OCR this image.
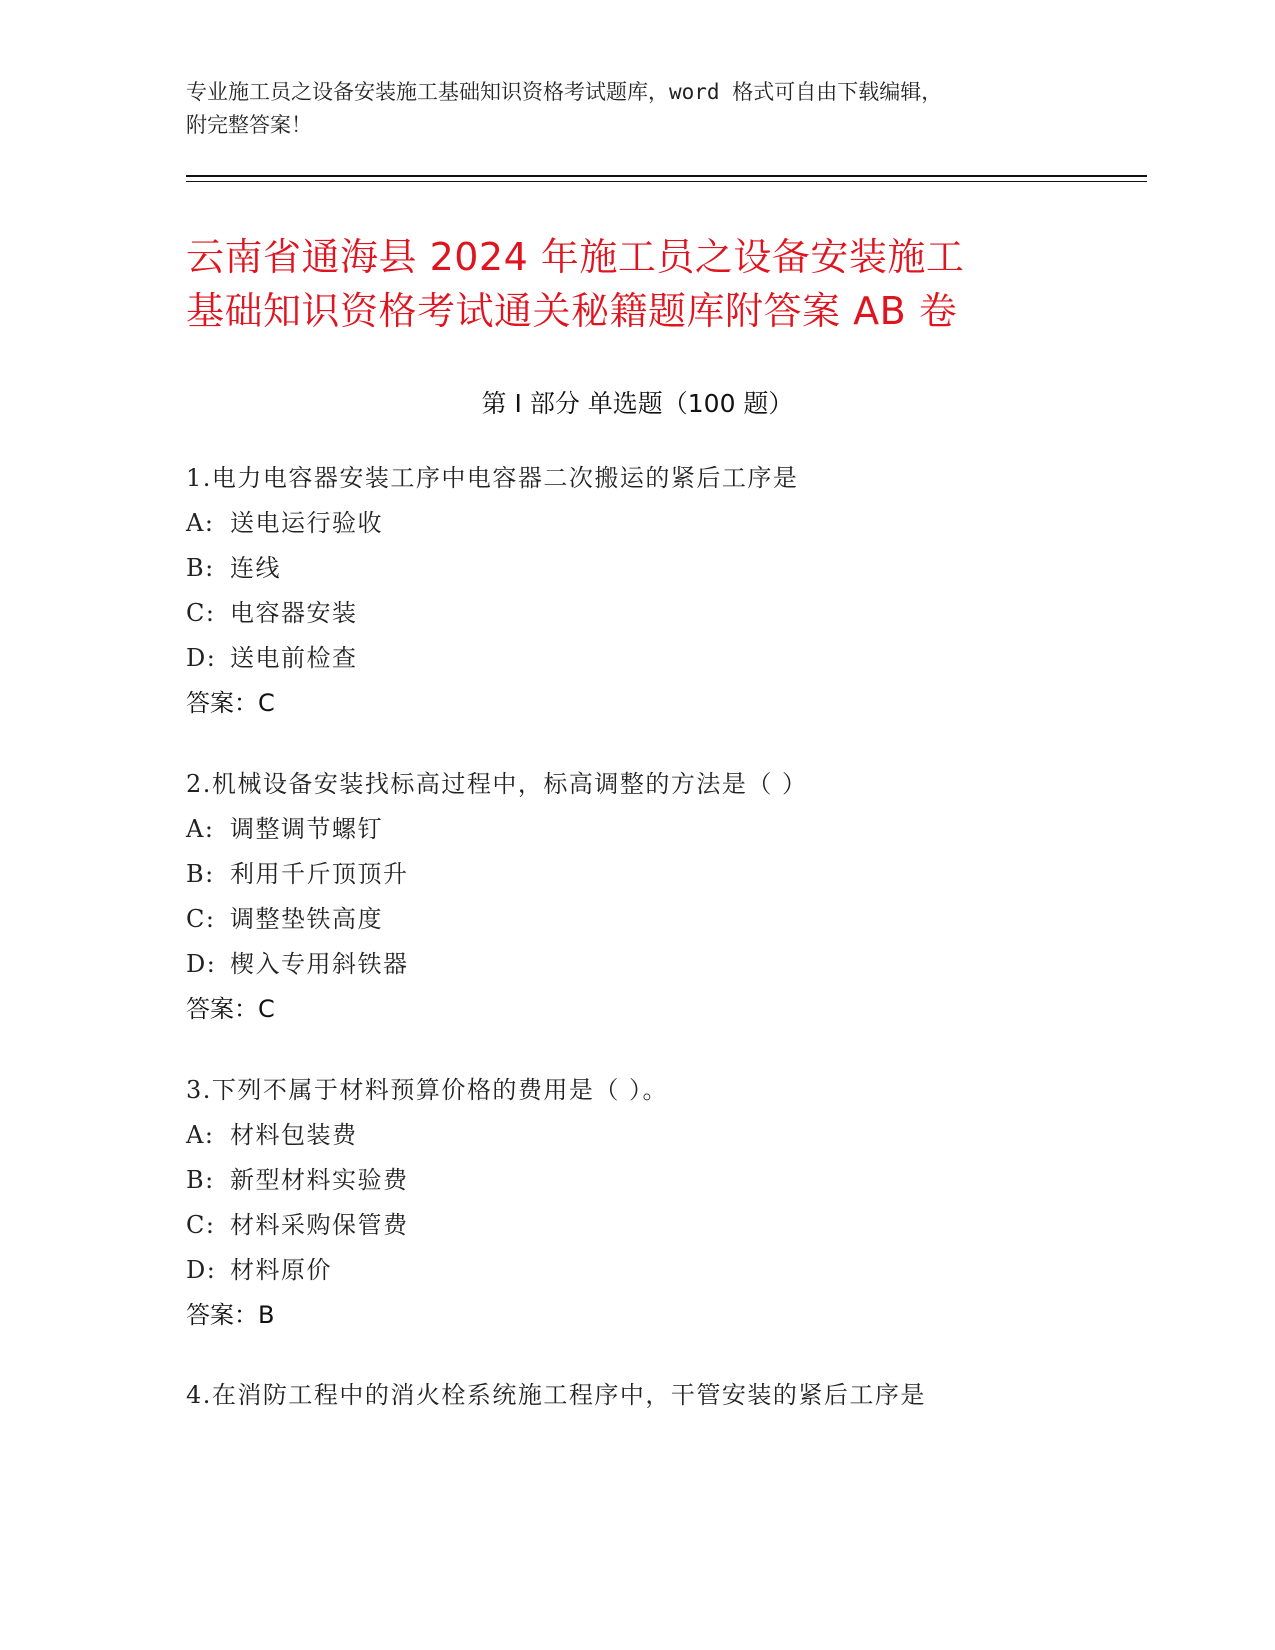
专业施工员之设备安装施工基础知识资格考试题库，word 格式可自由下载编辑，
附完整答案！
云南省通海县 2024 年施工员之设备安装施工
基础知识资格考试通关秘籍题库附答案 AB 卷
第 I 部分 单选题（100 题）
1.电力电容器安装工序中电容器二次搬运的紧后工序是
A: 送电运行验收
B: 连线
C: 电容器安装
D: 送电前检查
答案：C
2.机械设备安装找标高过程中，标高调整的方法是（ ）
A: 调整调节螺钉
B: 利用千斤顶顶升
C: 调整垫铁高度
D: 楔入专用斜铁器
答案：C
3.下列不属于材料预算价格的费用是（ ）。
A: 材料包装费
B: 新型材料实验费
C: 材料采购保管费
D: 材料原价
答案：B
4.在消防工程中的消火栓系统施工程序中，干管安装的紧后工序是
